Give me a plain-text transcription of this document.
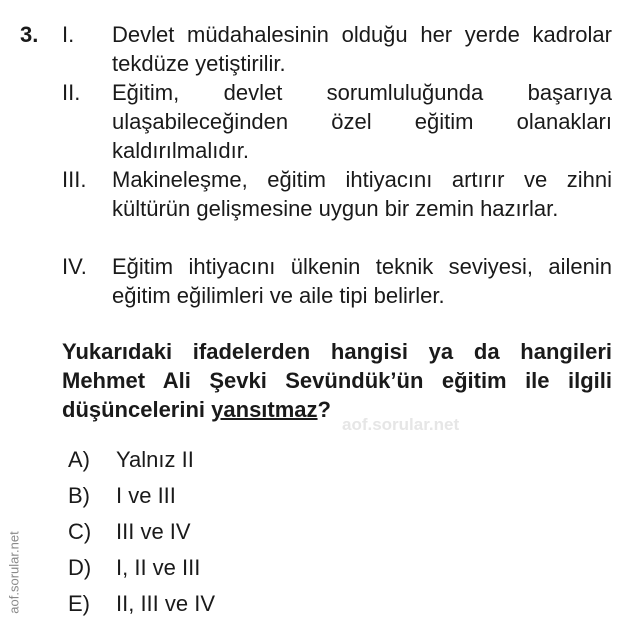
3. I. Devlet müdahalesinin olduğu her yerde kadrolar tekdüze yetiştirilir.
II. Eğitim, devlet sorumluluğunda başarıya ulaşabileceğinden özel eğitim olanakları kaldırılmalıdır.
III. Makineleşme, eğitim ihtiyacını artırır ve zihni kültürün gelişmesine uygun bir zemin hazırlar.
IV. Eğitim ihtiyacını ülkenin teknik seviyesi, ailenin eğitim eğilimleri ve aile tipi belirler.
Yukarıdaki ifadelerden hangisi ya da hangileri Mehmet Ali Şevki Sevündük’ün eğitim ile ilgili düşüncelerini yansıtmaz?
aof.sorular.net
A) Yalnız II
B) I ve III
C) III ve IV
D) I, II ve III
E) II, III ve IV
aof.sorular.net
